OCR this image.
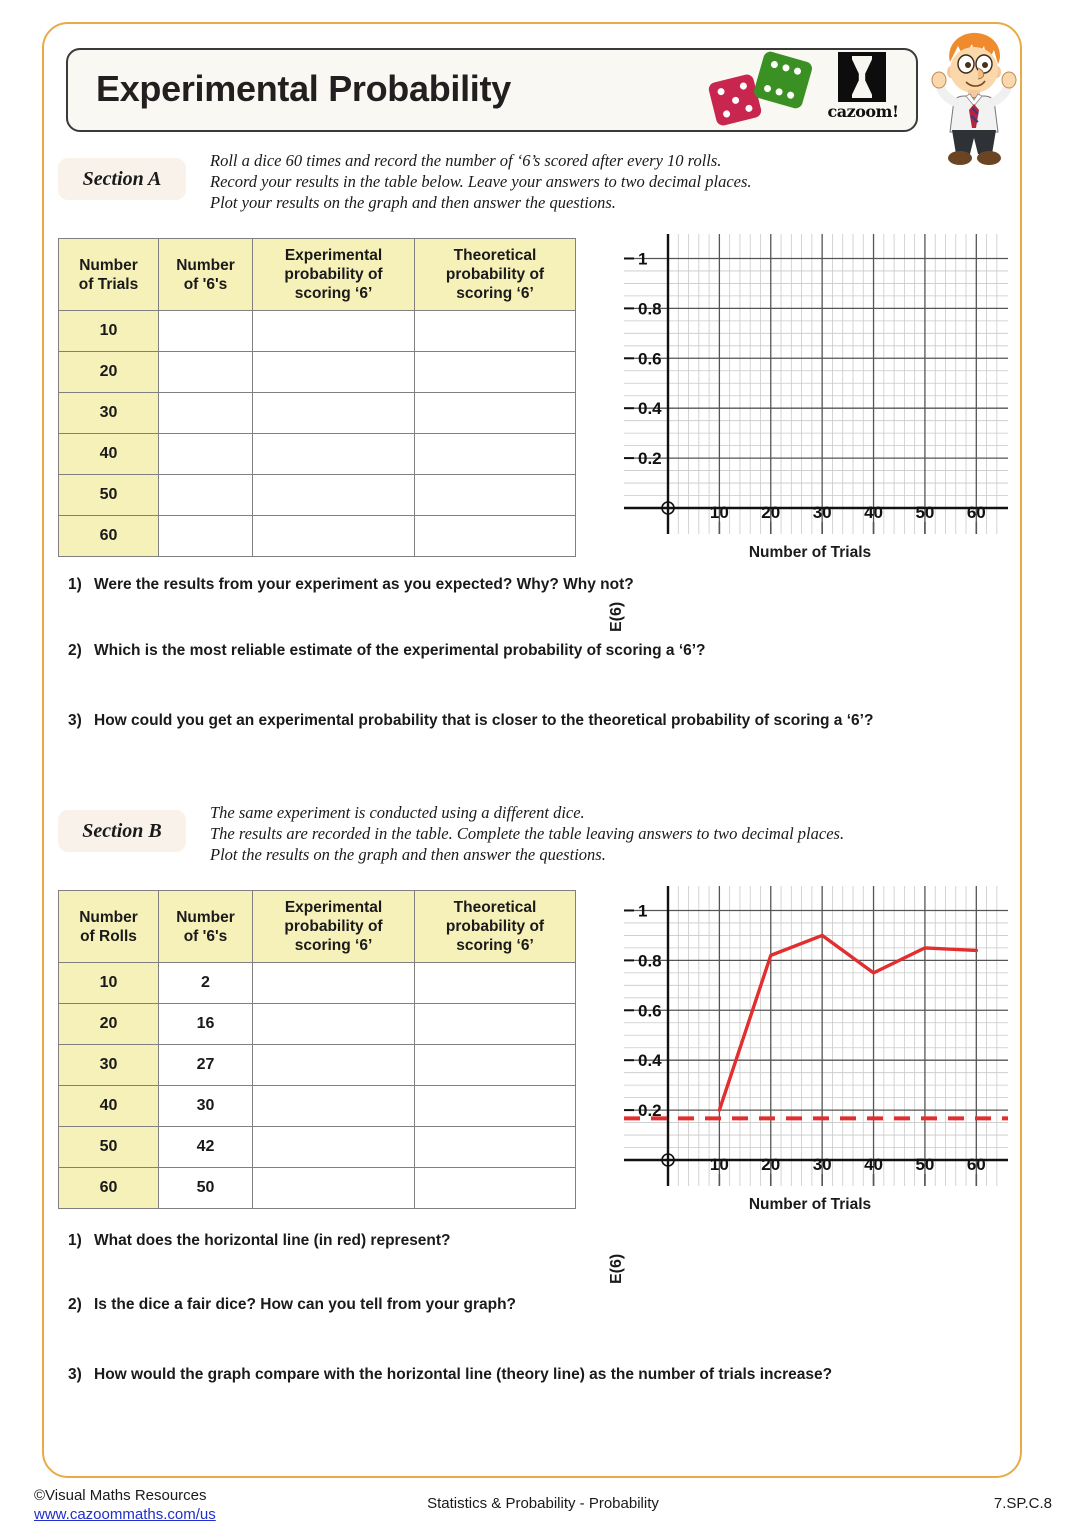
Experimental Probability
cazoom!
Section A
Roll a dice 60 times and record the number of ‘6’s scored after every 10 rolls.
Record your results in the table below. Leave your answers to two decimal places.
Plot your results on the graph and then answer the questions.
Number
of Trials	Number
of '6's	Experimental
probability of
scoring ‘6’	Theoretical
probability of
scoring ‘6’
10			
20			
30			
40			
50			
60			
E(6)
0.2
0.4
0.6
0.8
1
10 20 30 40 50 60
Number of Trials
1) Were the results from your experiment as you expected? Why? Why not?
2) Which is the most reliable estimate of the experimental probability of scoring a ‘6’?
3) How could you get an experimental probability that is closer to the theoretical probability of scoring a ‘6’?
Section B
The same experiment is conducted using a different dice.
The results are recorded in the table. Complete the table leaving answers to two decimal places.
Plot the results on the graph and then answer the questions.
Number
of Rolls	Number
of '6's	Experimental
probability of
scoring ‘6’	Theoretical
probability of
scoring ‘6’
10	2		
20	16		
30	27		
40	30		
50	42		
60	50		
E(6)
0.2
0.4
0.6
0.8
1
10 20 30 40 50 60
Number of Trials
1) What does the horizontal line (in red) represent?
2) Is the dice a fair dice? How can you tell from your graph?
3) How would the graph compare with the horizontal line (theory line) as the number of trials increase?
©Visual Maths Resources
www.cazoommaths.com/us
Statistics & Probability - Probability	7.SP.C.8
